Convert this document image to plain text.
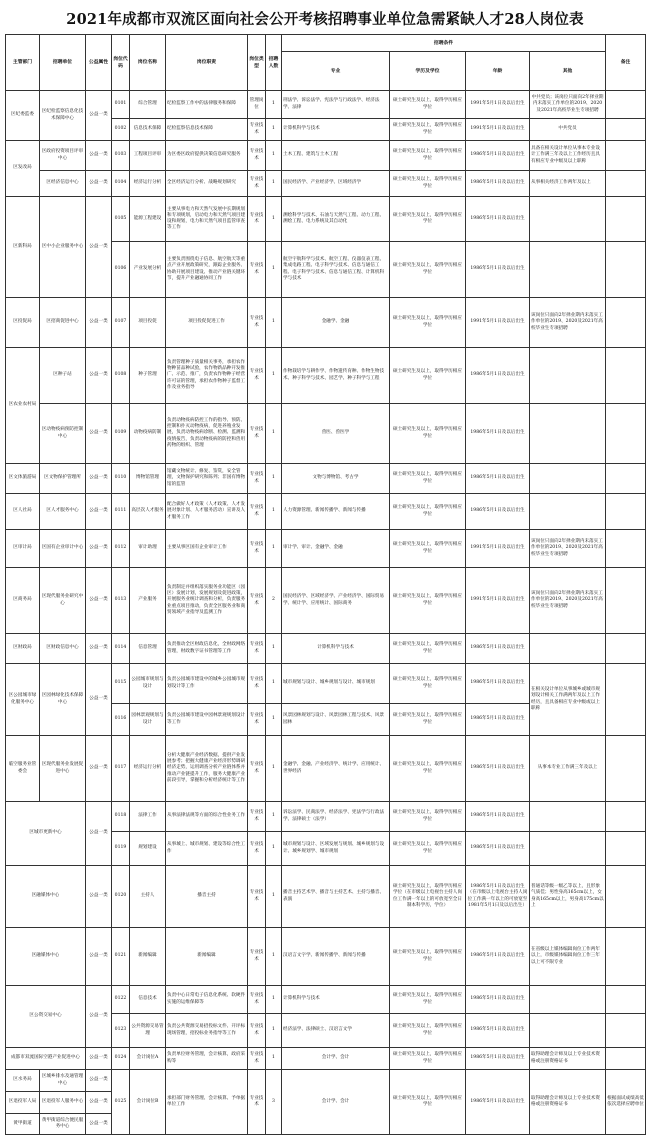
2021年成都市双流区面向社会公开考核招聘事业单位急需紧缺人才28人岗位表
主管部门	招聘单位	公益属性	岗位代码	岗位名称	岗位职责	岗位类型	招聘人数	招聘条件				备注
								专业	学历及学位	年龄	其他	
区纪委监委	区纪检监察信息化技术保障中心	公益一类	0101	综合管理	纪检监察工作中的法律服务和保障	管理岗位	1	刑法学、诉讼法学、宪法学与行政法学、经济法学、法律	硕士研究生及以上，取得学历相应学位	1991年5月1日及以后出生	中共党员；该岗位只面向2年择业期内未落实工作单位的2019、2020及2021年高校毕业生专项招聘	
			0102	信息技术保障	纪检监察信息技术保障	专业技术	1	计算机科学与技术	硕士研究生及以上，取得学历相应学位	1991年5月1日及以后出生	中共党员	
区发改局	区政府投资项目评审中心	公益一类	0103	工程项目评审	为区委区政府提供决策信息研究服务	专业技术	1	土木工程、建筑与土木工程	硕士研究生及以上，取得学历相应学位	1986年5月1日及以后出生	具备在相关设计单位从事本专业设计工作满三年及以上工作经历且具有相应专业中级及以上职称	
	区经济信息中心	公益一类	0104	经济运行分析	全区经济运行分析、战略规划研究	专业技术	1	国民经济学、产业经济学、区域经济学	硕士研究生及以上，取得学历相应学位	1986年5月1日及以后出生	从事相关经济工作两年及以上	
区新科局	区中小企业服务中心	公益一类	0105	能源工程建设	主要从事电力和天然气发展中长期规划和专项规划，启动电力和天然气项目建设和规划，电力和天然气项目监管审查等工作	专业技术	1	测绘科学与技术、石油与天然气工程、动力工程、测绘工程、电力系统及其自动化	硕士研究生及以上，取得学历相应学位	1986年5月1日及以后出生		
			0106	产业发展分析	主要负责围绕电子信息、航空航天等重点产业开展政策研究，跟踪企业服务、协助开展项目建设、推动产业链关键环节，提升产业融通协同工作	专业技术	1	航空宇航科学与技术、航空工程、仪器仪表工程、集成电路工程、电子科学与技术、信息与通信工程、电子科学与技术、信息与通信工程、计算机科学与技术	硕士研究生及以上，取得学历相应学位	1986年5月1日及以后出生		
区投促局	区招商促进中心	公益一类	0107	项目投促	项目投促促进工作	专业技术	1	金融学、金融	硕士研究生及以上，取得学历相应学位	1991年5月1日及以后出生	该岗位只面向2年择业期内未落实工作单位的2019、2020及2021年高校毕业生专项招聘	
区农业农村局	区种子站	公益一类	0108	种子管理	负责管理种子质量相关事务，承担农作物种苗品种试验，农作物新品种开发推广、示范、推广，负责农作物种子经营许可证的管理，承担农作物种子监督工作及业务指导	专业技术	1	作物栽培学与耕作学、作物遗传育种、作物生物技术、种子科学与技术、园艺学、种子科学与工程	硕士研究生及以上，取得学历相应学位	1986年5月1日及以后出生		
	区动物疫病预防控制中心	公益一类	0109	动物疫病防制	负责动物疫病防控工作的指导、预防、控制和扑灭动物疫病，促进养殖业发展，负责动物疫病诊断、检测、监测和疫情报告，负责动物疫病的防控和兽用药物的组织、管理	专业技术	1	兽医、兽医学	硕士研究生及以上，取得学历相应学位	1986年5月1日及以后出生		
区文体旅游局	区文物保护管理所	公益一类	0110	博物馆管理	馆藏文物统计、修复、鉴赏，安全管理，文物保护研究和陈列；非国有博物馆的监管	专业技术	1	文物与博物馆、考古学	硕士研究生及以上，取得学历相应学位	1986年5月1日及以后出生		
区人社局	区人才服务中心	公益一类	0111	高层次人才服务	配合做好人才政策（人才政策、人才发展对象计划、人才服务活动）宣讲及人才服务工作	专业技术	1	人力资源管理、新闻传播学、新闻与传播	硕士研究生及以上，取得学历相应学位	1986年5月1日及以后出生		
区审计局	区国有企业审计中心	公益一类	0112	审计助理	主要从事区国有企业审计工作	专业技术	1	审计学、审计、金融学、金融	硕士研究生及以上，取得学历相应学位	1991年5月1日及以后出生	该岗位只面向2年择业期内未落实工作单位的2019、2020及2021年高校毕业生专项招聘	
区商务局	区现代服务业研究中心	公益一类	0113	产业服务	负责制定并组织落实服务业功能区（园区）发展计划，发展规划及促进政策，开展服务业统计调查和分析，负责服务业重点项目推动，负责全区服务业和商贸领域产业指导及监测工作	专业技术	2	国民经济学、区域经济学、产业经济学、国际贸易学、统计学、应用统计、国际商务	硕士研究生及以上，取得学历相应学位	1991年5月1日及以后出生	该岗位只面向2年择业期内未落实工作单位的2019、2020及2021年高校毕业生专项招聘	
区财政局	区财政信息中心	公益一类	0114	信息管理	负责推动全区财政信息化，全财政网络管理，财政数字证书管理等工作	专业技术	1	计算机科学与技术	硕士研究生及以上，取得学历相应学位	1986年5月1日及以后出生		
区公园城市绿化服务中心	区园林绿化技术保障中心	公益一类	0115	公园城市规划与设计	负责公园城市建设中的城乡公园城市规划设计等工作	专业技术	1	城市规划与设计、城乡规划与设计、城市规划	硕士研究生及以上，取得学历相应学位	1986年5月1日及以后出生	在相关设计单位从事城乡或城市规划设计相关工作满两年及以上工作经历，且具备相应专业中级或以上职称	
			0116	园林景观规划与设计	负责公园城市建设中园林景观规划设计等工作	专业技术	1	风景园林规划与设计、风景园林工程与技术、风景园林	硕士研究生及以上，取得学历相应学位	1986年5月1日及以后出生		
临空服务业管委会	区现代服务业发展促进中心	公益一类	0117	经济运行分析	分析大健康产业经济数据，提供产业发展参考；把握大健康产业经济形势调研经济走势，运用调查分析产业链体系并推动产业链提升工作，服务大健康产业前段引导，掌握和分析经济统计等工作	专业技术	1	金融学、金融、产业经济学、统计学、应用统计、世界经济	硕士研究生及以上，取得学历相应学位	1986年5月1日及以后出生	从事本专业工作满三年及以上	
区城市更新中心		公益一类	0118	法律工作	从事法律法规等方面的综合性业务工作	专业技术	1	诉讼法学、民商法学、经济法学、宪法学与行政法学、法律硕士（法学）	硕士研究生及以上，取得学历相应学位	1986年5月1日及以后出生		
			0119	规划建设	从事城上、城市规划、建设等综合性工作	专业技术	1	城市规划与设计、区域发展与规划、城乡规划与设计、城乡规划学、城市规划	硕士研究生及以上，取得学历相应学位	1986年5月1日及以后出生		
区融媒体中心		公益一类	0120	主持人	播音主持	专业技术	1	播音主持艺术学、播音与主持艺术、主持与播音、表演	硕士研究生及以上，取得学历相应学位（在市级以上电视台主持人岗位工作满一年以上的可放宽至全日制本科学历，学位）	1986年5月1日及以后出生（在市级以上电视台主持人岗位工作满一年以上的可放宽至1981年5月1日及以后出生）	普通话等级一级乙等以上，且形象气质佳；男性身高165cm以上，女身高165cm以上，男身高175cm以上	
区融媒体中心		公益一类	0121	新闻编辑	新闻编辑	专业技术	1	汉语言文字学、新闻传播学、新闻与传播	硕士研究生及以上，取得学历相应学位	1986年5月1日及以后出生	在省级以上媒体编辑岗位工作两年以上，市级媒体编辑岗位工作三年以上可不限专业	
区公资交易中心		公益一类	0122	信息技术	负责中心日常电子信息化系统、软硬件实施的运维保障等	专业技术	1	计算机科学与技术	硕士研究生及以上，取得学历相应学位	1986年5月1日及以后出生		
			0123	公共资源交易管理	负责公共资源交易招投标文件、开评标现场管理，招投标业务指导等工作	专业技术	1	经济法学、法律硕士、汉语言文学	硕士研究生及以上，取得学历相应学位	1986年5月1日及以后出生		
成都市双流国际空港产业促进中心		公益一类	0124	会计岗位A	负责单位财务管理，会计核算，政府采购等	专业技术	1	会计学、会计	硕士研究生及以上，取得学历相应学位	1986年5月1日及以后出生	取得助理会计师及以上专业技术资格或注册资格证书	
区水务局	区城乡排水及通管理中心	公益一类	0125	会计岗位B	承担部门财务管理、会计核算、予单据单位工作	专业技术	3	会计学、会计	硕士研究生及以上，取得学历相应学位	1986年5月1日及以后出生	取得助理会计师及以上专业技术资格或注册资格证书	根据面试成绩高低依次选择应聘单位
区退役军人局	区退役军人服务中心	公益一类										
黄甲街道	黄甲街道综合便民服务中心	公益一类										
